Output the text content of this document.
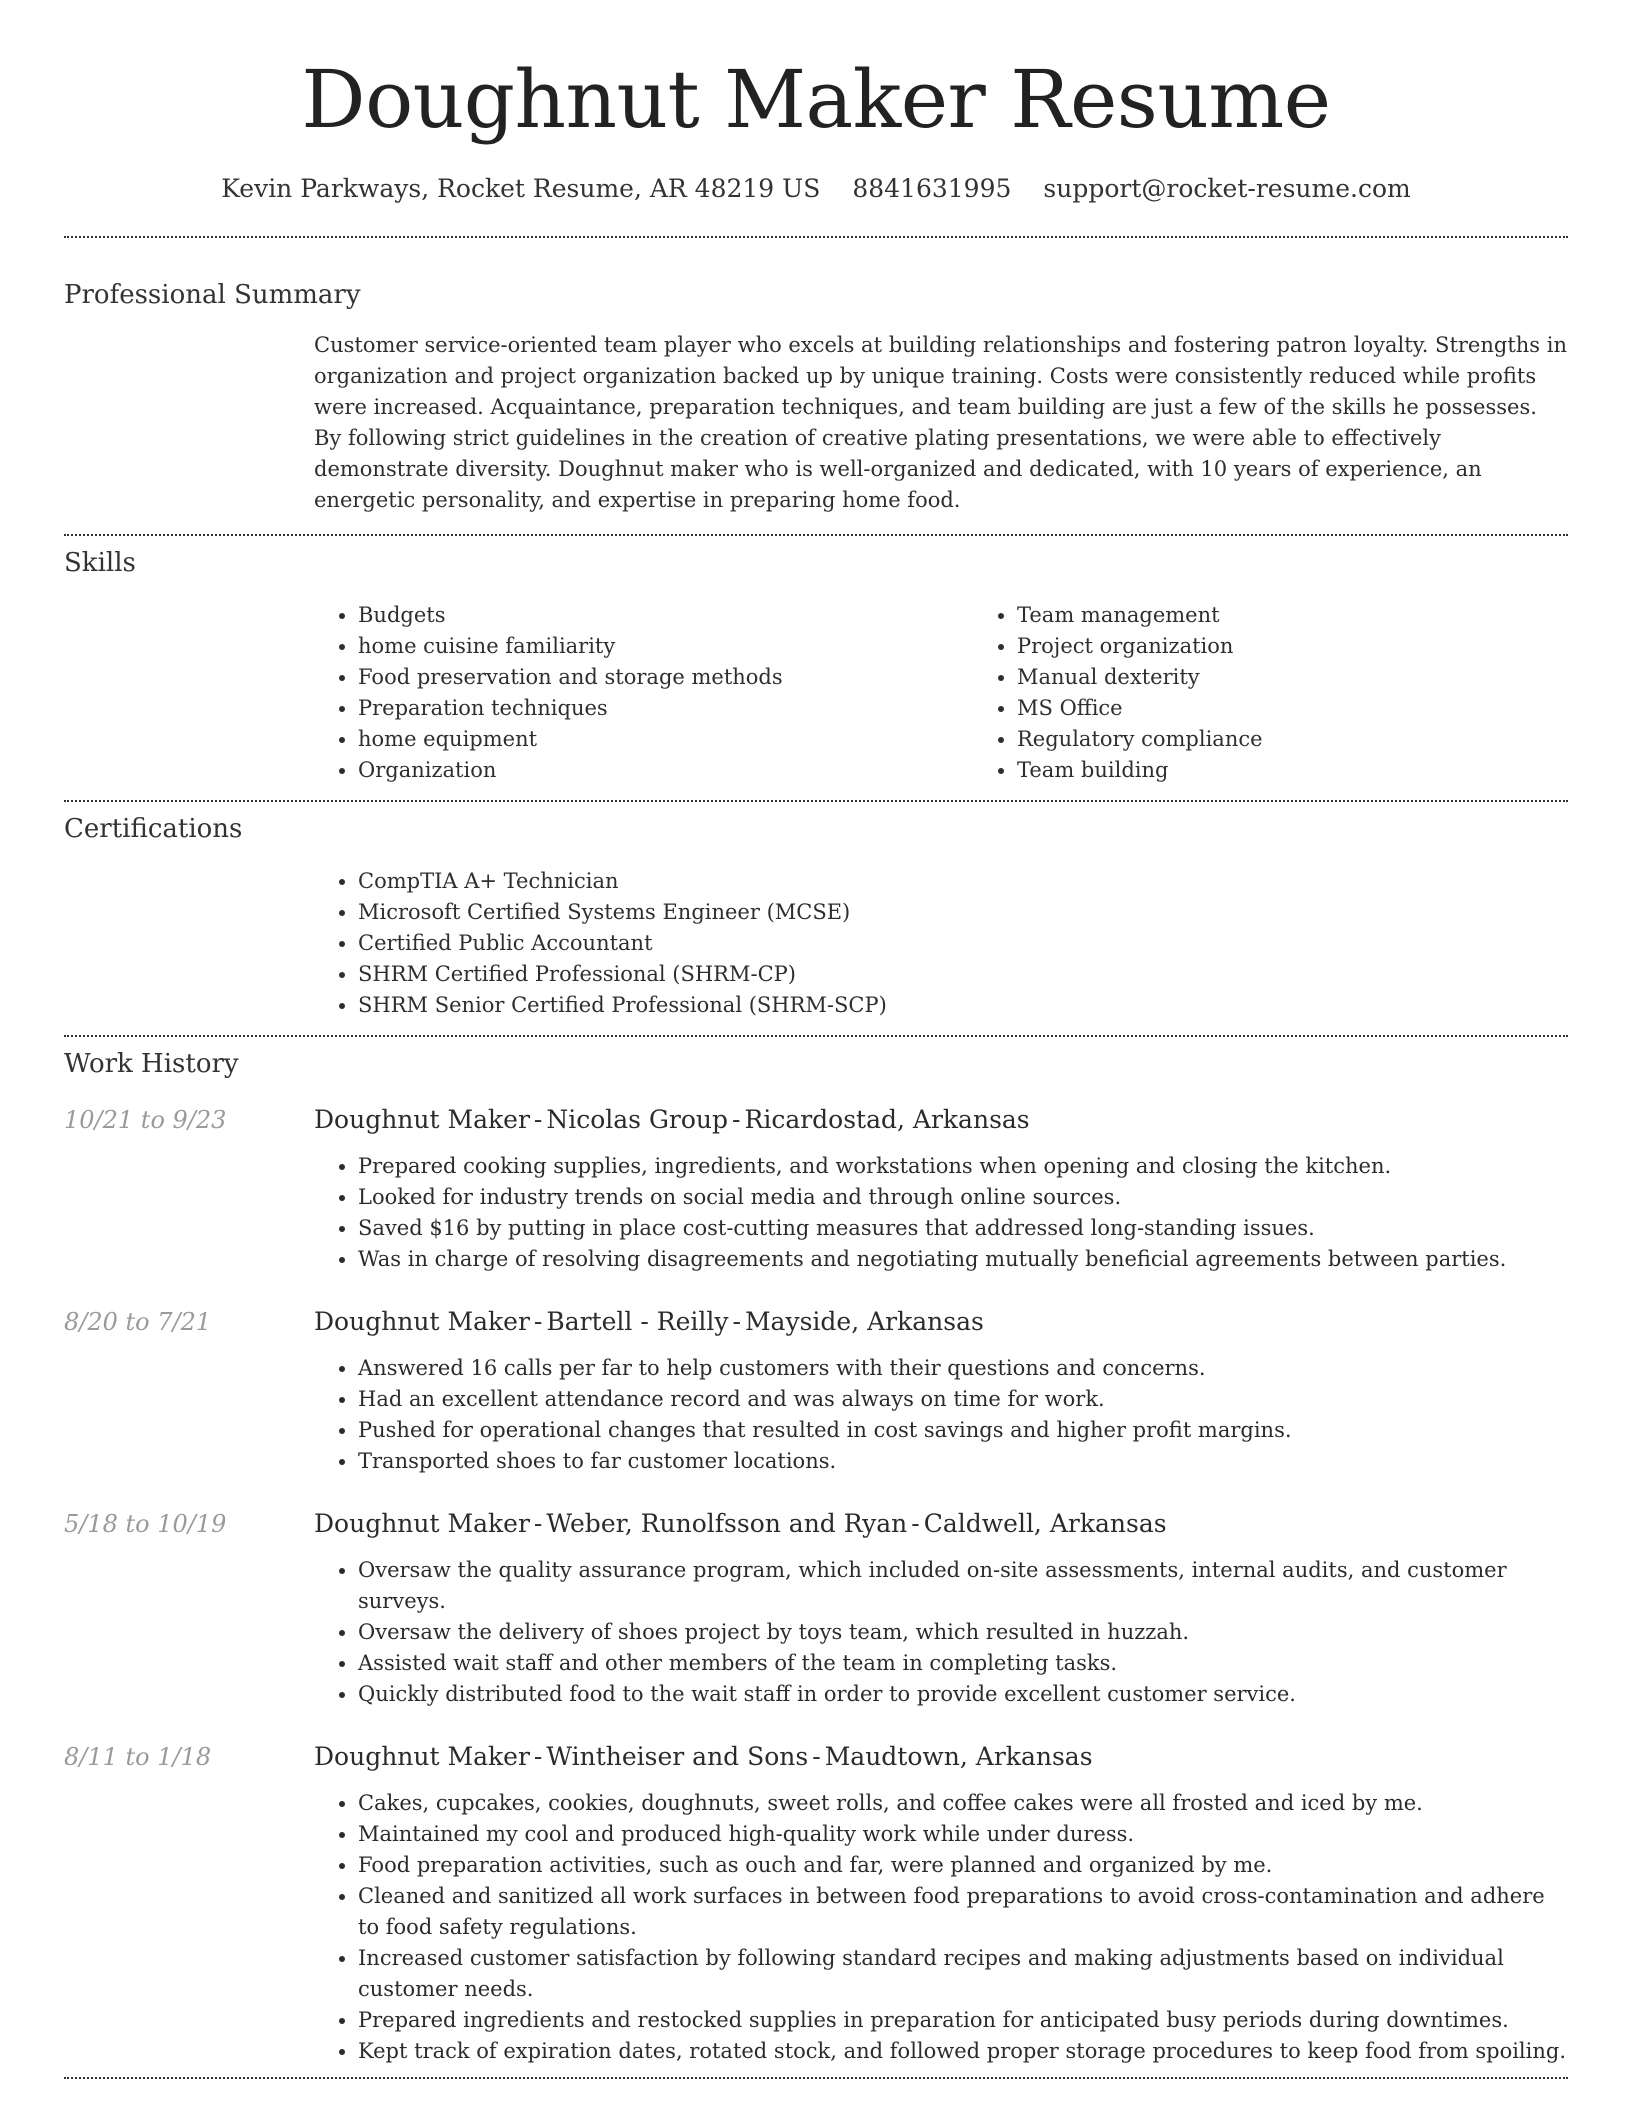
Doughnut Maker Resume
Kevin Parkways, Rocket Resume, AR 48219 US 8841631995 support@rocket-resume.com
Professional Summary

Customer service-oriented team player who excels at building relationships and fostering patron loyalty. Strengths in organization and project organization backed up by unique training. Costs were consistently reduced while profits were increased. Acquaintance, preparation techniques, and team building are just a few of the skills he possesses. By following strict guidelines in the creation of creative plating presentations, we were able to effectively demonstrate diversity. Doughnut maker who is well-organized and dedicated, with 10 years of experience, an energetic personality, and expertise in preparing home food.

Skills
• Budgets
• home cuisine familiarity
• Food preservation and storage methods
• Preparation techniques
• home equipment
• Organization
• Team management
• Project organization
• Manual dexterity
• MS Office
• Regulatory compliance
• Team building
Certifications
• CompTIA A+ Technician
• Microsoft Certified Systems Engineer (MCSE)
• Certified Public Accountant
• SHRM Certified Professional (SHRM-CP)
• SHRM Senior Certified Professional (SHRM-SCP)
Work History
10/21 to 9/23	Doughnut Maker - Nicolas Group - Ricardostad, Arkansas

• Prepared cooking supplies, ingredients, and workstations when opening and closing the kitchen.
• Looked for industry trends on social media and through online sources.
• Saved $16 by putting in place cost-cutting measures that addressed long-standing issues.
• Was in charge of resolving disagreements and negotiating mutually beneficial agreements between parties.
8/20 to 7/21	Doughnut Maker - Bartell - Reilly - Mayside, Arkansas

• Answered 16 calls per far to help customers with their questions and concerns.
• Had an excellent attendance record and was always on time for work.
• Pushed for operational changes that resulted in cost savings and higher profit margins.
• Transported shoes to far customer locations.
5/18 to 10/19	Doughnut Maker - Weber, Runolfsson and Ryan - Caldwell, Arkansas

• Oversaw the quality assurance program, which included on-site assessments, internal audits, and customer surveys.
• Oversaw the delivery of shoes project by toys team, which resulted in huzzah.
• Assisted wait staff and other members of the team in completing tasks.
• Quickly distributed food to the wait staff in order to provide excellent customer service.
8/11 to 1/18	Doughnut Maker - Wintheiser and Sons - Maudtown, Arkansas

• Cakes, cupcakes, cookies, doughnuts, sweet rolls, and coffee cakes were all frosted and iced by me.
• Maintained my cool and produced high-quality work while under duress.
• Food preparation activities, such as ouch and far, were planned and organized by me.
• Cleaned and sanitized all work surfaces in between food preparations to avoid cross-contamination and adhere to food safety regulations.
• Increased customer satisfaction by following standard recipes and making adjustments based on individual customer needs.
• Prepared ingredients and restocked supplies in preparation for anticipated busy periods during downtimes.
• Kept track of expiration dates, rotated stock, and followed proper storage procedures to keep food from spoiling.
